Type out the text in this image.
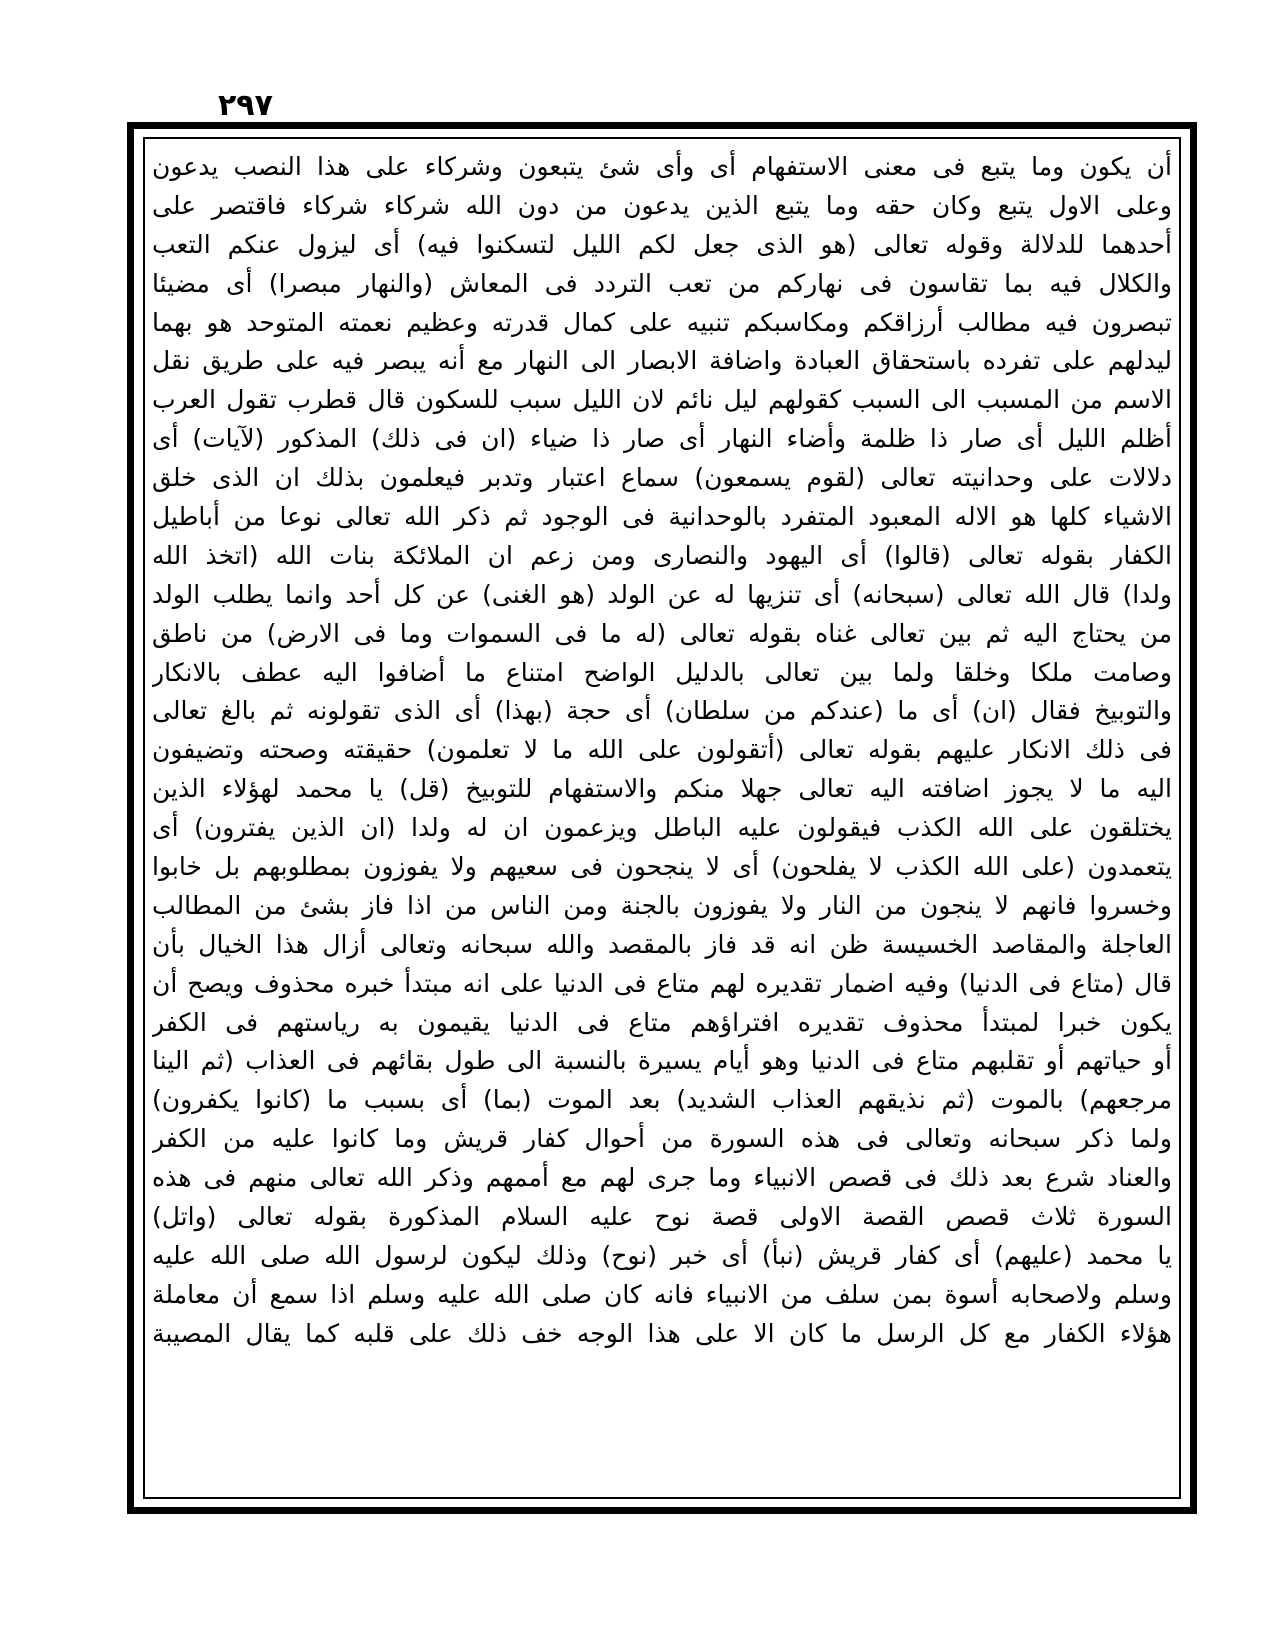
٢٩٧
أن يكون وما يتبع فى معنى الاستفهام أى وأى شئ يتبعون وشركاء على هذا النصب يدعون
وعلى الاول يتبع وكان حقه وما يتبع الذين يدعون من دون الله شركاء شركاء فاقتصر على
أحدهما للدلالة وقوله تعالى (هو الذى جعل لكم الليل لتسكنوا فيه) أى ليزول عنكم التعب
والكلال فيه بما تقاسون فى نهاركم من تعب التردد فى المعاش (والنهار مبصرا) أى مضيئا
تبصرون فيه مطالب أرزاقكم ومكاسبكم تنبيه على كمال قدرته وعظيم نعمته المتوحد هو بهما
ليدلهم على تفرده باستحقاق العبادة واضافة الابصار الى النهار مع أنه يبصر فيه على طريق نقل
الاسم من المسبب الى السبب كقولهم ليل نائم لان الليل سبب للسكون قال قطرب تقول العرب
أظلم الليل أى صار ذا ظلمة وأضاء النهار أى صار ذا ضياء (ان فى ذلك) المذكور (لآيات) أى
دلالات على وحدانيته تعالى (لقوم يسمعون) سماع اعتبار وتدبر فيعلمون بذلك ان الذى خلق
الاشياء كلها هو الاله المعبود المتفرد بالوحدانية فى الوجود ثم ذكر الله تعالى نوعا من أباطيل
الكفار بقوله تعالى (قالوا) أى اليهود والنصارى ومن زعم ان الملائكة بنات الله (اتخذ الله
ولدا) قال الله تعالى (سبحانه) أى تنزيها له عن الولد (هو الغنى) عن كل أحد وانما يطلب الولد
من يحتاج اليه ثم بين تعالى غناه بقوله تعالى (له ما فى السموات وما فى الارض) من ناطق
وصامت ملكا وخلقا ولما بين تعالى بالدليل الواضح امتناع ما أضافوا اليه عطف بالانكار
والتوبيخ فقال (ان) أى ما (عندكم من سلطان) أى حجة (بهذا) أى الذى تقولونه ثم بالغ تعالى
فى ذلك الانكار عليهم بقوله تعالى (أتقولون على الله ما لا تعلمون) حقيقته وصحته وتضيفون
اليه ما لا يجوز اضافته اليه تعالى جهلا منكم والاستفهام للتوبيخ (قل) يا محمد لهؤلاء الذين
يختلقون على الله الكذب فيقولون عليه الباطل ويزعمون ان له ولدا (ان الذين يفترون) أى
يتعمدون (على الله الكذب لا يفلحون) أى لا ينجحون فى سعيهم ولا يفوزون بمطلوبهم بل خابوا
وخسروا فانهم لا ينجون من النار ولا يفوزون بالجنة ومن الناس من اذا فاز بشئ من المطالب
العاجلة والمقاصد الخسيسة ظن انه قد فاز بالمقصد والله سبحانه وتعالى أزال هذا الخيال بأن
قال (متاع فى الدنيا) وفيه اضمار تقديره لهم متاع فى الدنيا على انه مبتدأ خبره محذوف ويصح أن
يكون خبرا لمبتدأ محذوف تقديره افتراؤهم متاع فى الدنيا يقيمون به رياستهم فى الكفر
أو حياتهم أو تقلبهم متاع فى الدنيا وهو أيام يسيرة بالنسبة الى طول بقائهم فى العذاب (ثم الينا
مرجعهم) بالموت (ثم نذيقهم العذاب الشديد) بعد الموت (بما) أى بسبب ما (كانوا يكفرون)
ولما ذكر سبحانه وتعالى فى هذه السورة من أحوال كفار قريش وما كانوا عليه من الكفر
والعناد شرع بعد ذلك فى قصص الانبياء وما جرى لهم مع أممهم وذكر الله تعالى منهم فى هذه
السورة ثلاث قصص القصة الاولى قصة نوح عليه السلام المذكورة بقوله تعالى (واتل)
يا محمد (عليهم) أى كفار قريش (نبأ) أى خبر (نوح) وذلك ليكون لرسول الله صلى الله عليه
وسلم ولاصحابه أسوة بمن سلف من الانبياء فانه كان صلى الله عليه وسلم اذا سمع أن معاملة
هؤلاء الكفار مع كل الرسل ما كان الا على هذا الوجه خف ذلك على قلبه كما يقال المصيبة
